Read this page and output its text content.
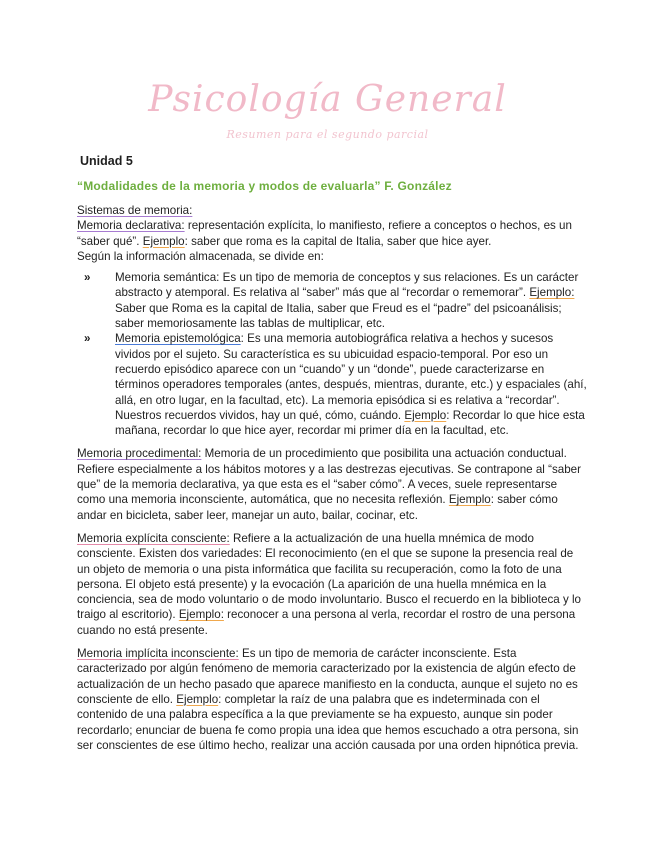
Psicología General
Resumen para el segundo parcial
Unidad 5
“Modalidades de la memoria y modos de evaluarla” F. González

Sistemas de memoria:

Memoria declarativa: representación explícita, lo manifiesto, refiere a conceptos o hechos, es un “saber qué”. Ejemplo: saber que roma es la capital de Italia, saber que hice ayer.

Según la información almacenada, se divide en:

» Memoria semántica: Es un tipo de memoria de conceptos y sus relaciones. Es un carácter abstracto y atemporal. Es relativa al “saber” más que al “recordar o rememorar”. Ejemplo: Saber que Roma es la capital de Italia, saber que Freud es el “padre” del psicoanálisis; saber memoriosamente las tablas de multiplicar, etc.
» Memoria epistemológica: Es una memoria autobiográfica relativa a hechos y sucesos vividos por el sujeto. Su característica es su ubicuidad espacio-temporal. Por eso un recuerdo episódico aparece con un “cuando” y un “donde”, puede caracterizarse en términos operadores temporales (antes, después, mientras, durante, etc.) y espaciales (ahí, allá, en otro lugar, en la facultad, etc). La memoria episódica si es relativa a “recordar”. Nuestros recuerdos vividos, hay un qué, cómo, cuándo. Ejemplo: Recordar lo que hice esta mañana, recordar lo que hice ayer, recordar mi primer día en la facultad, etc.

Memoria procedimental: Memoria de un procedimiento que posibilita una actuación conductual. Refiere especialmente a los hábitos motores y a las destrezas ejecutivas. Se contrapone al “saber que” de la memoria declarativa, ya que esta es el “saber cómo”. A veces, suele representarse como una memoria inconsciente, automática, que no necesita reflexión. Ejemplo: saber cómo andar en bicicleta, saber leer, manejar un auto, bailar, cocinar, etc.

Memoria explícita consciente: Refiere a la actualización de una huella mnémica de modo consciente. Existen dos variedades: El reconocimiento (en el que se supone la presencia real de un objeto de memoria o una pista informática que facilita su recuperación, como la foto de una persona. El objeto está presente) y la evocación (La aparición de una huella mnémica en la conciencia, sea de modo voluntario o de modo involuntario. Busco el recuerdo en la biblioteca y lo traigo al escritorio). Ejemplo: reconocer a una persona al verla, recordar el rostro de una persona cuando no está presente.

Memoria implícita inconsciente: Es un tipo de memoria de carácter inconsciente. Esta caracterizado por algún fenómeno de memoria caracterizado por la existencia de algún efecto de actualización de un hecho pasado que aparece manifiesto en la conducta, aunque el sujeto no es consciente de ello. Ejemplo: completar la raíz de una palabra que es indeterminada con el contenido de una palabra específica a la que previamente se ha expuesto, aunque sin poder recordarlo; enunciar de buena fe como propia una idea que hemos escuchado a otra persona, sin ser conscientes de ese último hecho, realizar una acción causada por una orden hipnótica previa.
